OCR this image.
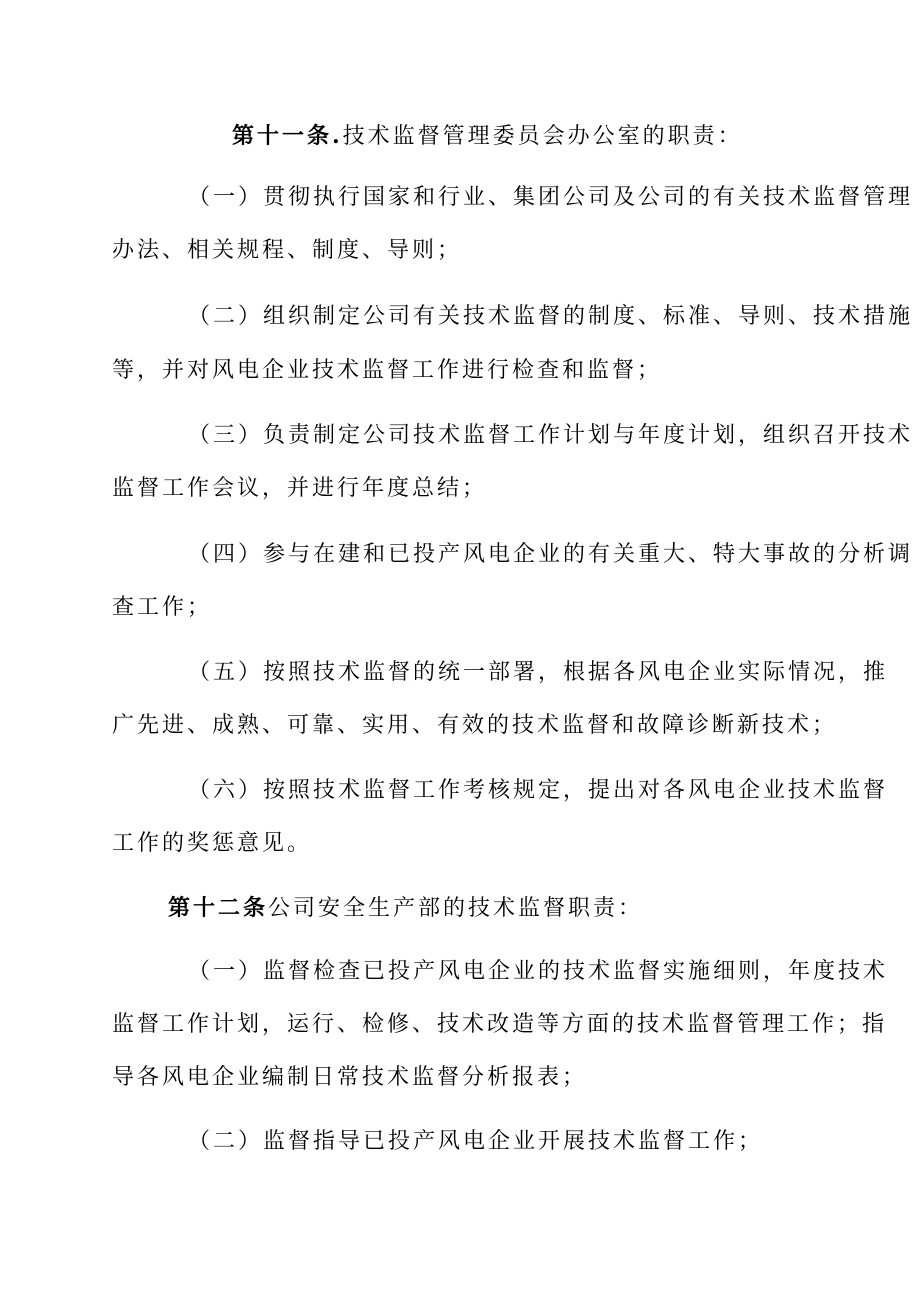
第十一条.技术监督管理委员会办公室的职责：
（一）贯彻执行国家和行业、集团公司及公司的有关技术监督管理
办法、相关规程、制度、导则；
（二）组织制定公司有关技术监督的制度、标准、导则、技术措施
等，并对风电企业技术监督工作进行检查和监督；
（三）负责制定公司技术监督工作计划与年度计划，组织召开技术
监督工作会议，并进行年度总结；
（四）参与在建和已投产风电企业的有关重大、特大事故的分析调
查工作；
（五）按照技术监督的统一部署，根据各风电企业实际情况，推
广先进、成熟、可靠、实用、有效的技术监督和故障诊断新技术；
（六）按照技术监督工作考核规定，提出对各风电企业技术监督
工作的奖惩意见。
第十二条公司安全生产部的技术监督职责：
（一）监督检查已投产风电企业的技术监督实施细则，年度技术
监督工作计划，运行、检修、技术改造等方面的技术监督管理工作；指
导各风电企业编制日常技术监督分析报表；
（二）监督指导已投产风电企业开展技术监督工作；
